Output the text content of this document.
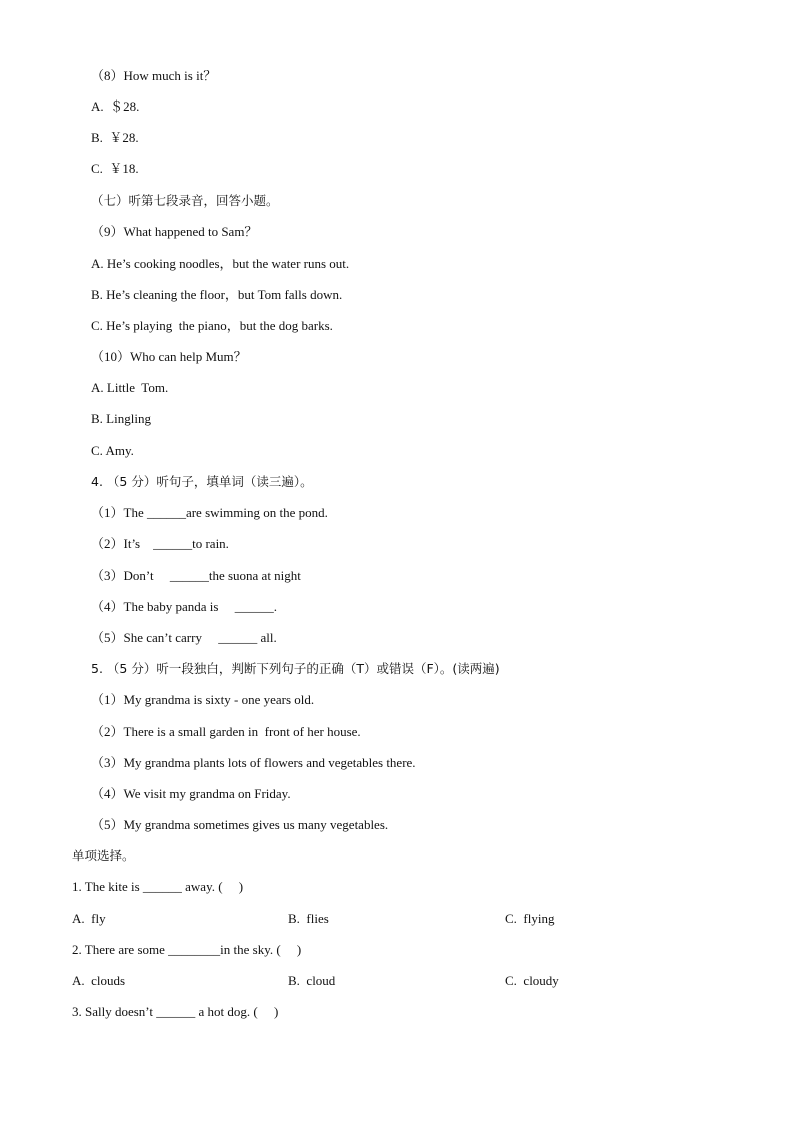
（8）How much is it？
A.  ＄28.
B.  ￥28.
C.  ￥18.
（七）听第七段录音，回答小题。
（9）What happened to Sam？
A. He’s cooking noodles，but the water runs out.
B. He’s cleaning the floor，but Tom falls down.
C. He’s playing  the piano，but the dog barks.
（10）Who can help Mum？
A. Little  Tom.
B. Lingling
C. Amy.
4. （5 分）听句子，填单词（读三遍）。
（1）The ______are swimming on the pond.
（2）It’s    ______to rain.
（3）Don’t     ______the suona at night
（4）The baby panda is     ______.
（5）She can’t carry     ______ all.
5. （5 分）听一段独白，判断下列句子的正确（T）或错误（F）。(读两遍)
（1）My grandma is sixty - one years old.
（2）There is a small garden in  front of her house.
（3）My grandma plants lots of flowers and vegetables there.
（4）We visit my grandma on Friday.
（5）My grandma sometimes gives us many vegetables.
单项选择。
1. The kite is ______ away. (     )
A.  fly	B.  flies	C.  flying
2. There are some ________in the sky. (     )
A.  clouds	B.  cloud	C.  cloudy
3. Sally doesn’t ______ a hot dog. (     )
